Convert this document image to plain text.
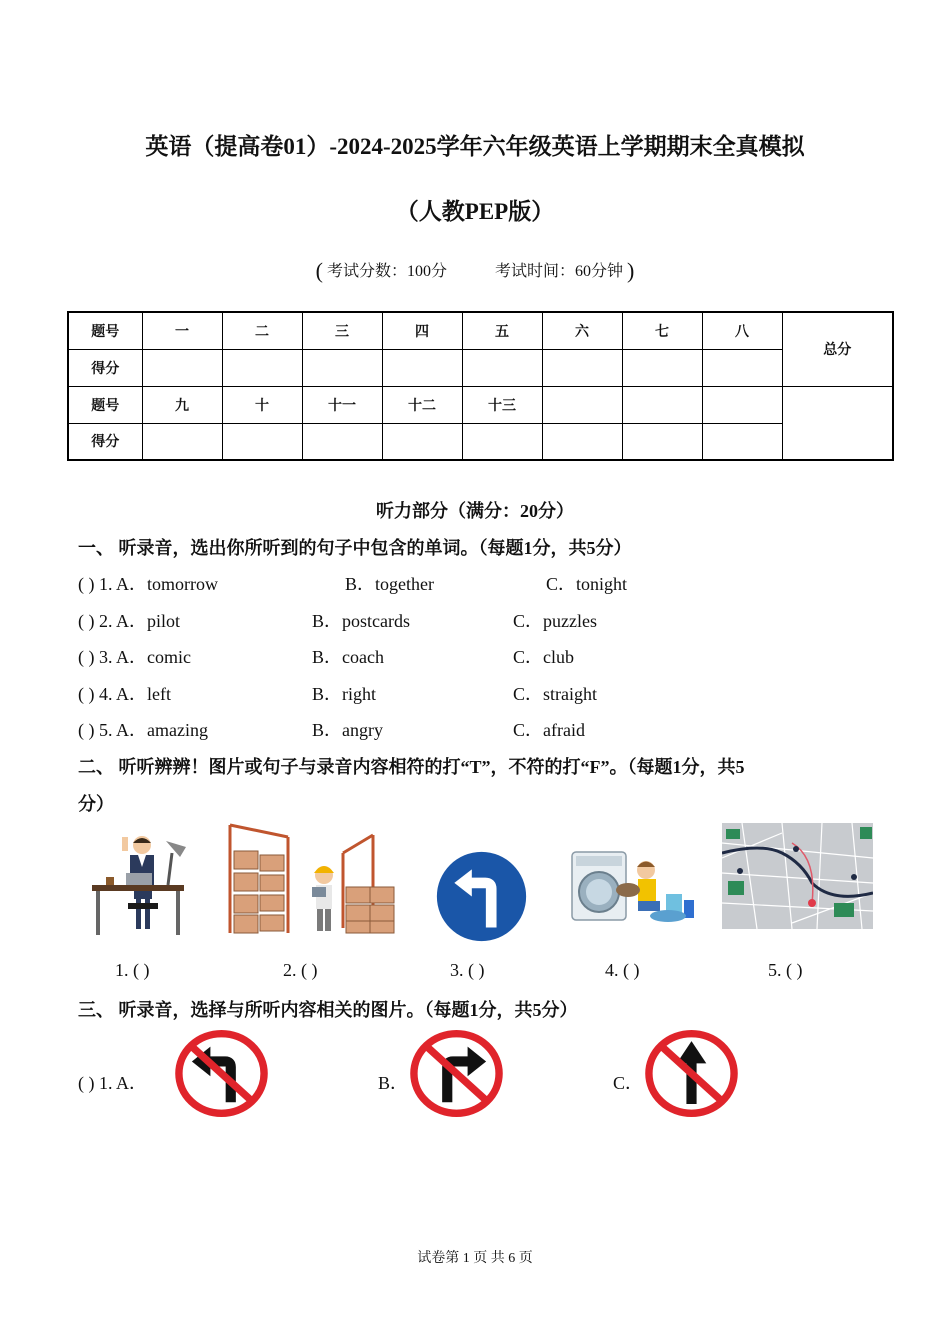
英语（提高卷01）-2024-2025学年六年级英语上学期期末全真模拟
（人教PEP版）
( 考试分数：100分	考试时间：60分钟 )
题号	一	二	三	四	五	六	七	八	总分
得分									
题号	九	十	十一	十二	十三				
得分									
听力部分（满分：20分）
一、 听录音，选出你所听到的句子中包含的单词。（每题1分，共5分）
( ) 1. A．tomorrow	B．together	C．tonight
( ) 2. A．pilot	B．postcards	C．puzzles
( ) 3. A．comic	B．coach	C．club
( ) 4. A．left	B．right	C．straight
( ) 5. A．amazing	B．angry	C．afraid
二、 听听辨辨！图片或句子与录音内容相符的打“T”，不符的打“F”。（每题1分，共5
分）
1. ( )	2. ( )	3. ( )	4. ( )	5. ( )
三、 听录音，选择与所听内容相关的图片。（每题1分，共5分）
( ) 1. A．	B．	C．
试卷第 1 页 共 6 页
